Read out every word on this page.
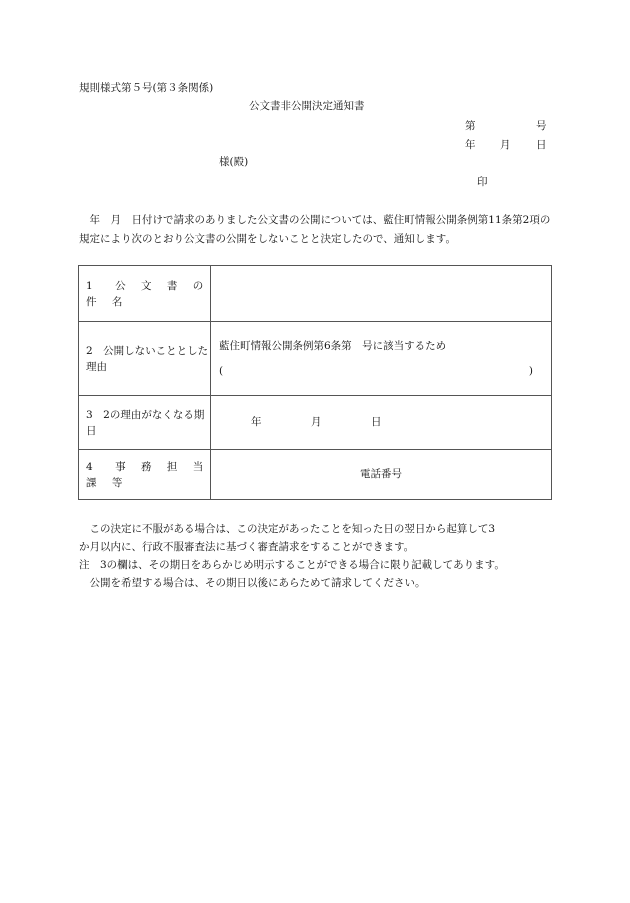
規則様式第５号(第３条関係)
公文書非公開決定通知書
第	号
年 月 日
様(殿)
印
　年　月　日付けで請求のありました公文書の公開については、藍住町情報公開条例第11条第2項の規定により次のとおり公文書の公開をしないことと決定したので、通知します。
1　公 文 書 の 件 名	
2　公開しないこととした理由	藍住町情報公開条例第6条第　号に該当するため
( )

3　2の理由がなくなる期日	年 月 日

4　事 務 担 当 課 等	電話番号
　この決定に不服がある場合は、この決定があったことを知った日の翌日から起算して3
か月以内に、行政不服審査法に基づく審査請求をすることができます。
注　3の欄は、その期日をあらかじめ明示することができる場合に限り記載してあります。
　公開を希望する場合は、その期日以後にあらためて請求してください。
